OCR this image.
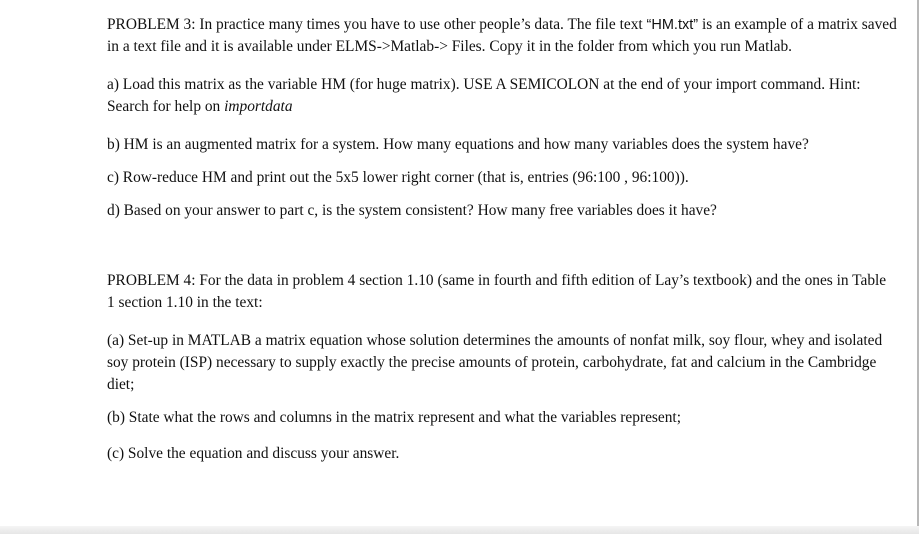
PROBLEM 3: In practice many times you have to use other people’s data. The file text “HM.txt” is an example of a matrix saved in a text file and it is available under ELMS->Matlab-> Files. Copy it in the folder from which you run Matlab.

a) Load this matrix as the variable HM (for huge matrix). USE A SEMICOLON at the end of your import command. Hint: Search for help on importdata

b) HM is an augmented matrix for a system. How many equations and how many variables does the system have?

c) Row-reduce HM and print out the 5x5 lower right corner (that is, entries (96:100 , 96:100)).

d) Based on your answer to part c, is the system consistent? How many free variables does it have?

PROBLEM 4: For the data in problem 4 section 1.10 (same in fourth and fifth edition of Lay’s textbook) and the ones in Table 1 section 1.10 in the text:

(a) Set-up in MATLAB a matrix equation whose solution determines the amounts of nonfat milk, soy flour, whey and isolated soy protein (ISP) necessary to supply exactly the precise amounts of protein, carbohydrate, fat and calcium in the Cambridge diet;

(b) State what the rows and columns in the matrix represent and what the variables represent;

(c) Solve the equation and discuss your answer.
